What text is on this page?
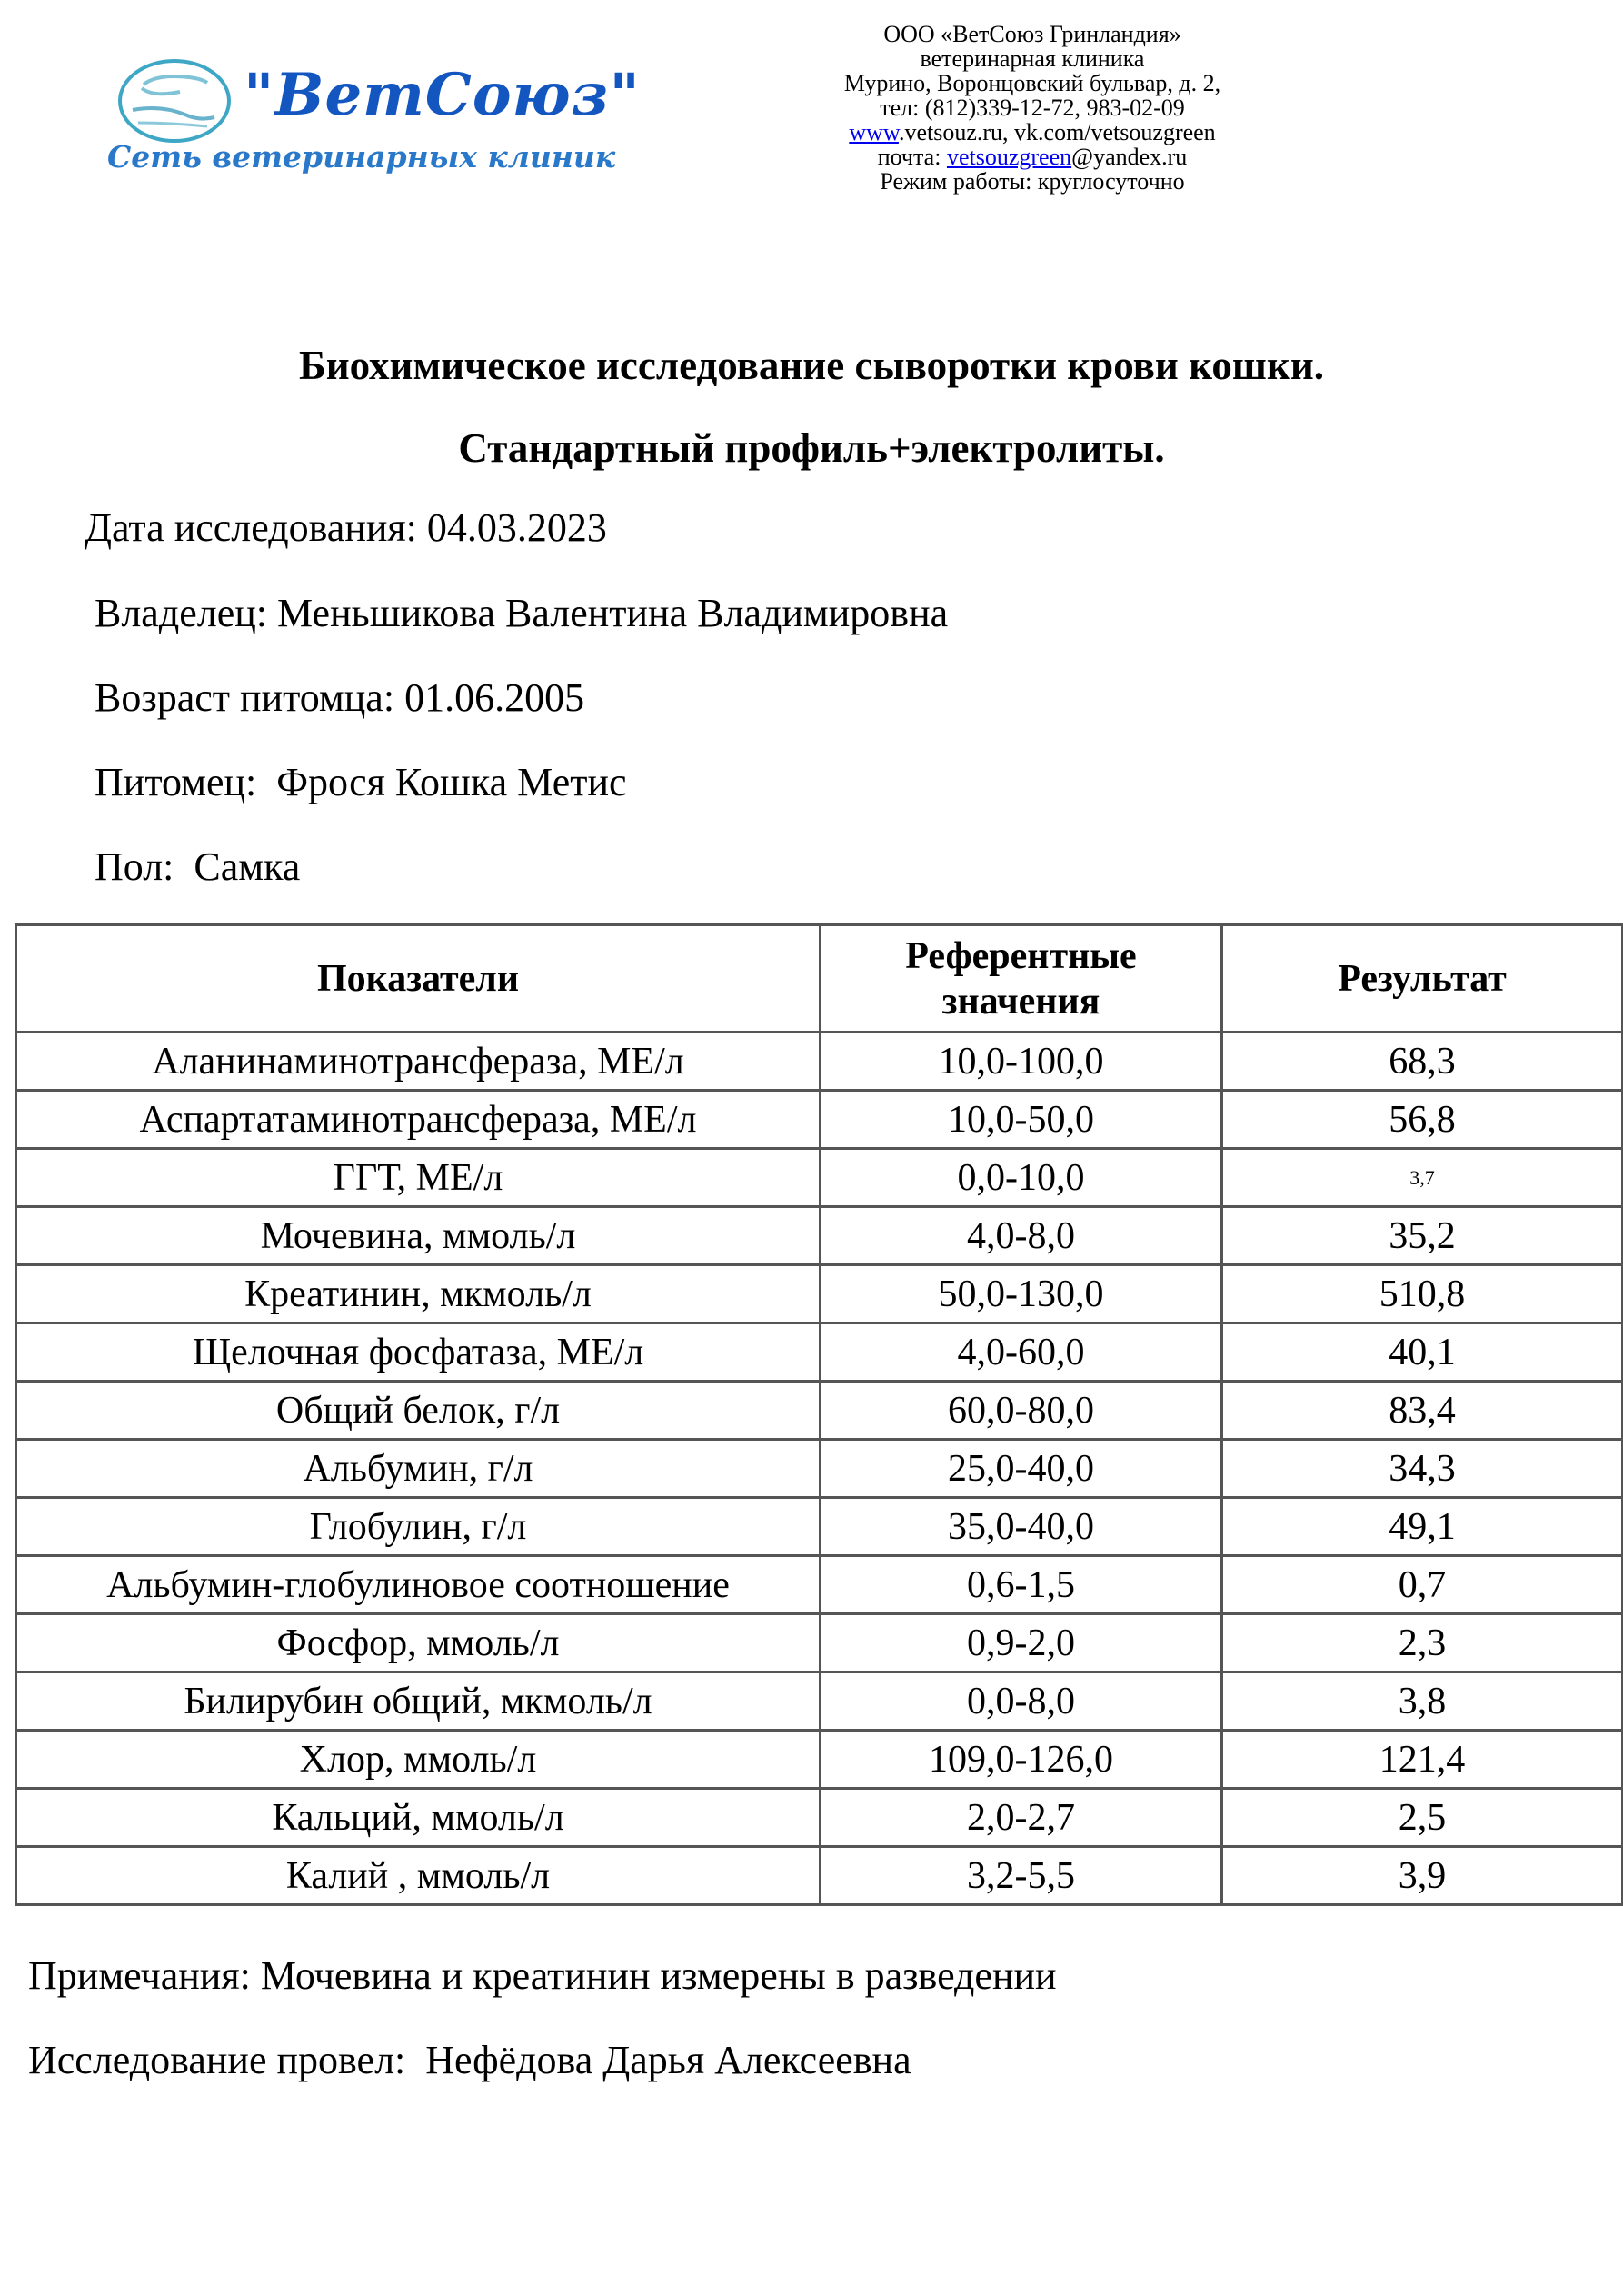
"ВетСоюз"
Сеть ветеринарных клиник
ООО «ВетСоюз Гринландия»
ветеринарная клиника
Мурино, Воронцовский бульвар, д. 2,
тел: (812)339-12-72, 983-02-09
www.vetsouz.ru, vk.com/vetsouzgreen
почта: vetsouzgreen@yandex.ru
Режим работы: круглосуточно
Биохимическое исследование сыворотки крови кошки.
Стандартный профиль+электролиты.
Дата исследования: 04.03.2023
Владелец: Меньшикова Валентина Владимировна
Возраст питомца: 01.06.2005
Питомец:  Фрося Кошка Метис
Пол:  Самка
Показатели	Референтные значения	Результат
Аланинаминотрансфераза, МЕ/л	10,0-100,0	68,3
Аспартатаминотрансфераза, МЕ/л	10,0-50,0	56,8
ГГТ, МЕ/л	0,0-10,0	3,7
Мочевина, ммоль/л	4,0-8,0	35,2
Креатинин, мкмоль/л	50,0-130,0	510,8
Щелочная фосфатаза, МЕ/л	4,0-60,0	40,1
Общий белок, г/л	60,0-80,0	83,4
Альбумин, г/л	25,0-40,0	34,3
Глобулин, г/л	35,0-40,0	49,1
Альбумин-глобулиновое соотношение	0,6-1,5	0,7
Фосфор, ммоль/л	0,9-2,0	2,3
Билирубин общий, мкмоль/л	0,0-8,0	3,8
Хлор, ммоль/л	109,0-126,0	121,4
Кальций, ммоль/л	2,0-2,7	2,5
Калий , ммоль/л	3,2-5,5	3,9
Примечания: Мочевина и креатинин измерены в разведении
Исследование провел:  Нефёдова Дарья Алексеевна
